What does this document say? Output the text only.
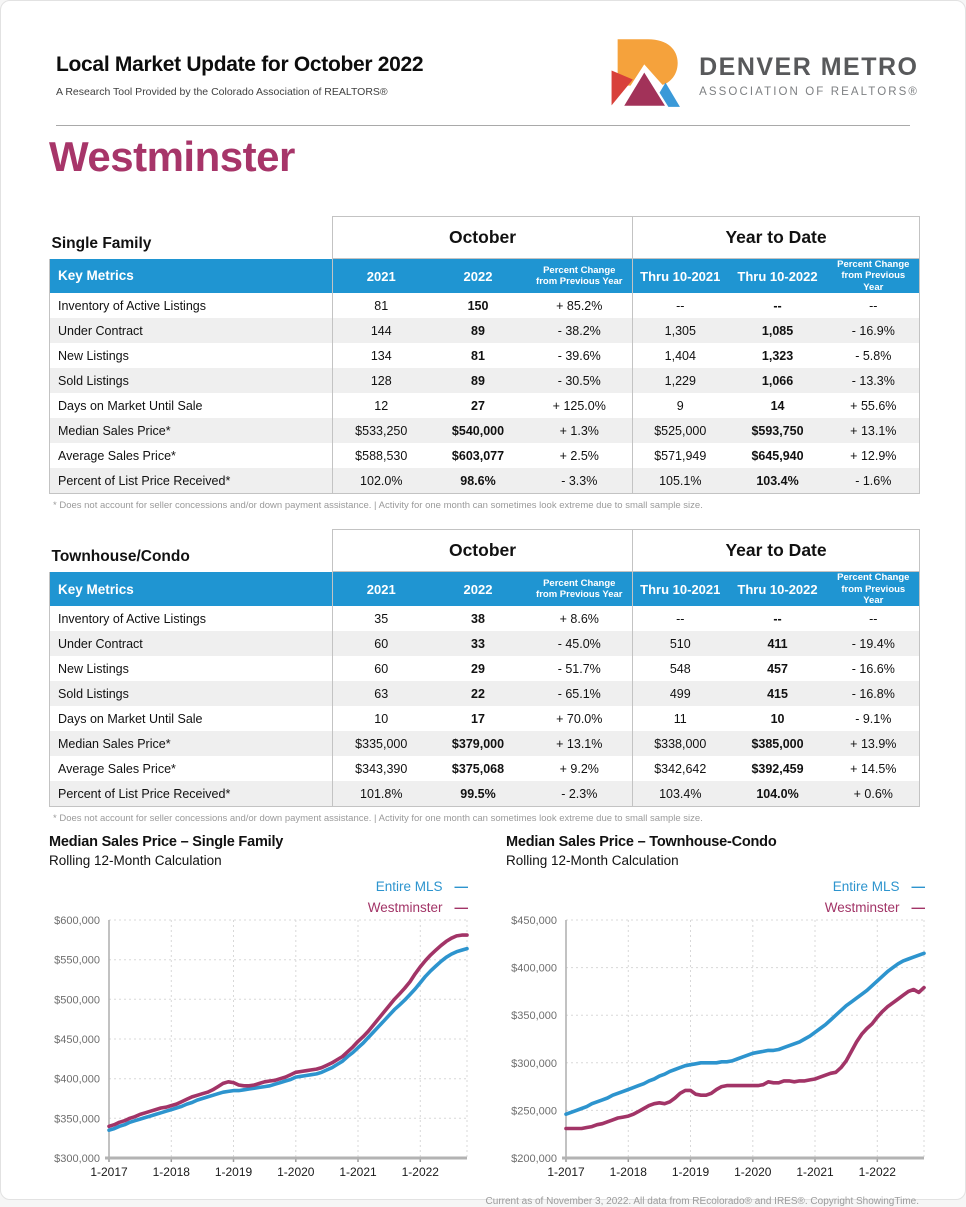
Local Market Update for October 2022
A Research Tool Provided by the Colorado Association of REALTORS®
DENVER METRO
ASSOCIATION OF REALTORS®
Westminster
Single Family	October			Year to Date		
Key Metrics	2021	2022	Percent Change from Previous Year	Thru 10-2021	Thru 10-2022	Percent Change from Previous Year
Inventory of Active Listings	81	150	+ 85.2%	--	--	--
Under Contract	144	89	- 38.2%	1,305	1,085	- 16.9%
New Listings	134	81	- 39.6%	1,404	1,323	- 5.8%
Sold Listings	128	89	- 30.5%	1,229	1,066	- 13.3%
Days on Market Until Sale	12	27	+ 125.0%	9	14	+ 55.6%
Median Sales Price*	$533,250	$540,000	+ 1.3%	$525,000	$593,750	+ 13.1%
Average Sales Price*	$588,530	$603,077	+ 2.5%	$571,949	$645,940	+ 12.9%
Percent of List Price Received*	102.0%	98.6%	- 3.3%	105.1%	103.4%	- 1.6%
* Does not account for seller concessions and/or down payment assistance. | Activity for one month can sometimes look extreme due to small sample size.
Townhouse/Condo	October			Year to Date		
Key Metrics	2021	2022	Percent Change from Previous Year	Thru 10-2021	Thru 10-2022	Percent Change from Previous Year
Inventory of Active Listings	35	38	+ 8.6%	--	--	--
Under Contract	60	33	- 45.0%	510	411	- 19.4%
New Listings	60	29	- 51.7%	548	457	- 16.6%
Sold Listings	63	22	- 65.1%	499	415	- 16.8%
Days on Market Until Sale	10	17	+ 70.0%	11	10	- 9.1%
Median Sales Price*	$335,000	$379,000	+ 13.1%	$338,000	$385,000	+ 13.9%
Average Sales Price*	$343,390	$375,068	+ 9.2%	$342,642	$392,459	+ 14.5%
Percent of List Price Received*	101.8%	99.5%	- 2.3%	103.4%	104.0%	+ 0.6%
* Does not account for seller concessions and/or down payment assistance. | Activity for one month can sometimes look extreme due to small sample size.
Median Sales Price – Single Family
Rolling 12-Month Calculation
Entire MLS —
Westminster —
$300,000
$350,000
$400,000
$450,000
$500,000
$550,000
$600,000
1-2017 1-2018 1-2019 1-2020 1-2021 1-2022
Median Sales Price – Townhouse-Condo
Rolling 12-Month Calculation
Entire MLS —
Westminster —
$200,000
$250,000
$300,000
$350,000
$400,000
$450,000
1-2017 1-2018 1-2019 1-2020 1-2021 1-2022
Current as of November 3, 2022. All data from REcolorado® and IRES®. Copyright ShowingTime.
